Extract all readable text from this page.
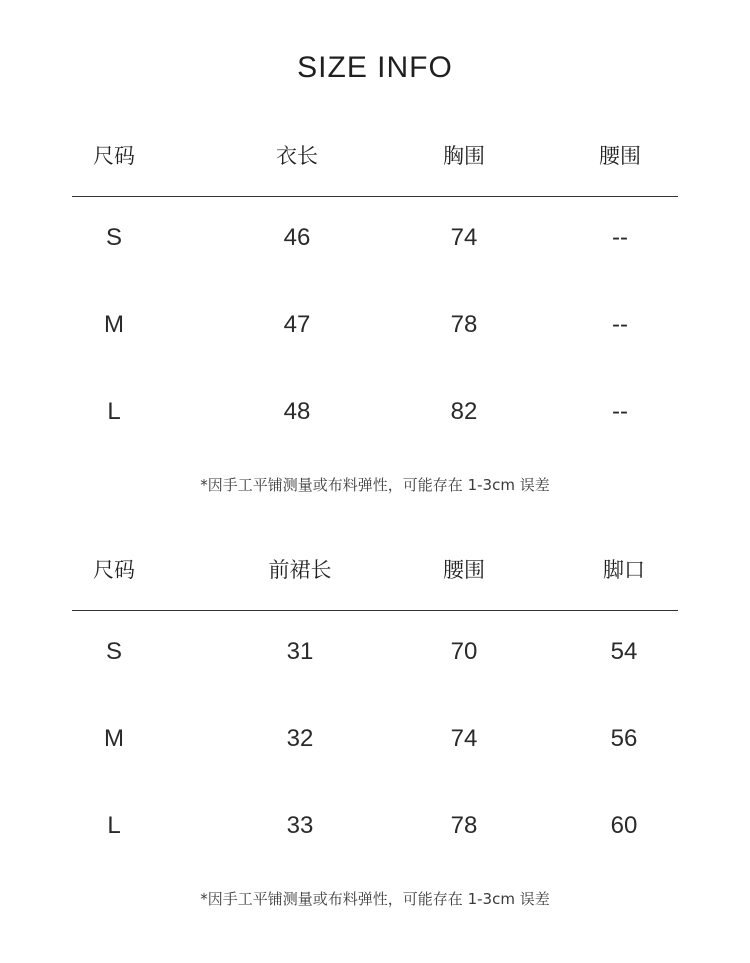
SIZE INFO
尺码	衣长	胸围	腰围
S	46	74	--
M	47	78	--
L	48	82	--
*因手工平铺测量或布料弹性，可能存在 1-3cm 误差
尺码	前裙长	腰围	脚口
S	31	70	54
M	32	74	56
L	33	78	60
*因手工平铺测量或布料弹性，可能存在 1-3cm 误差
